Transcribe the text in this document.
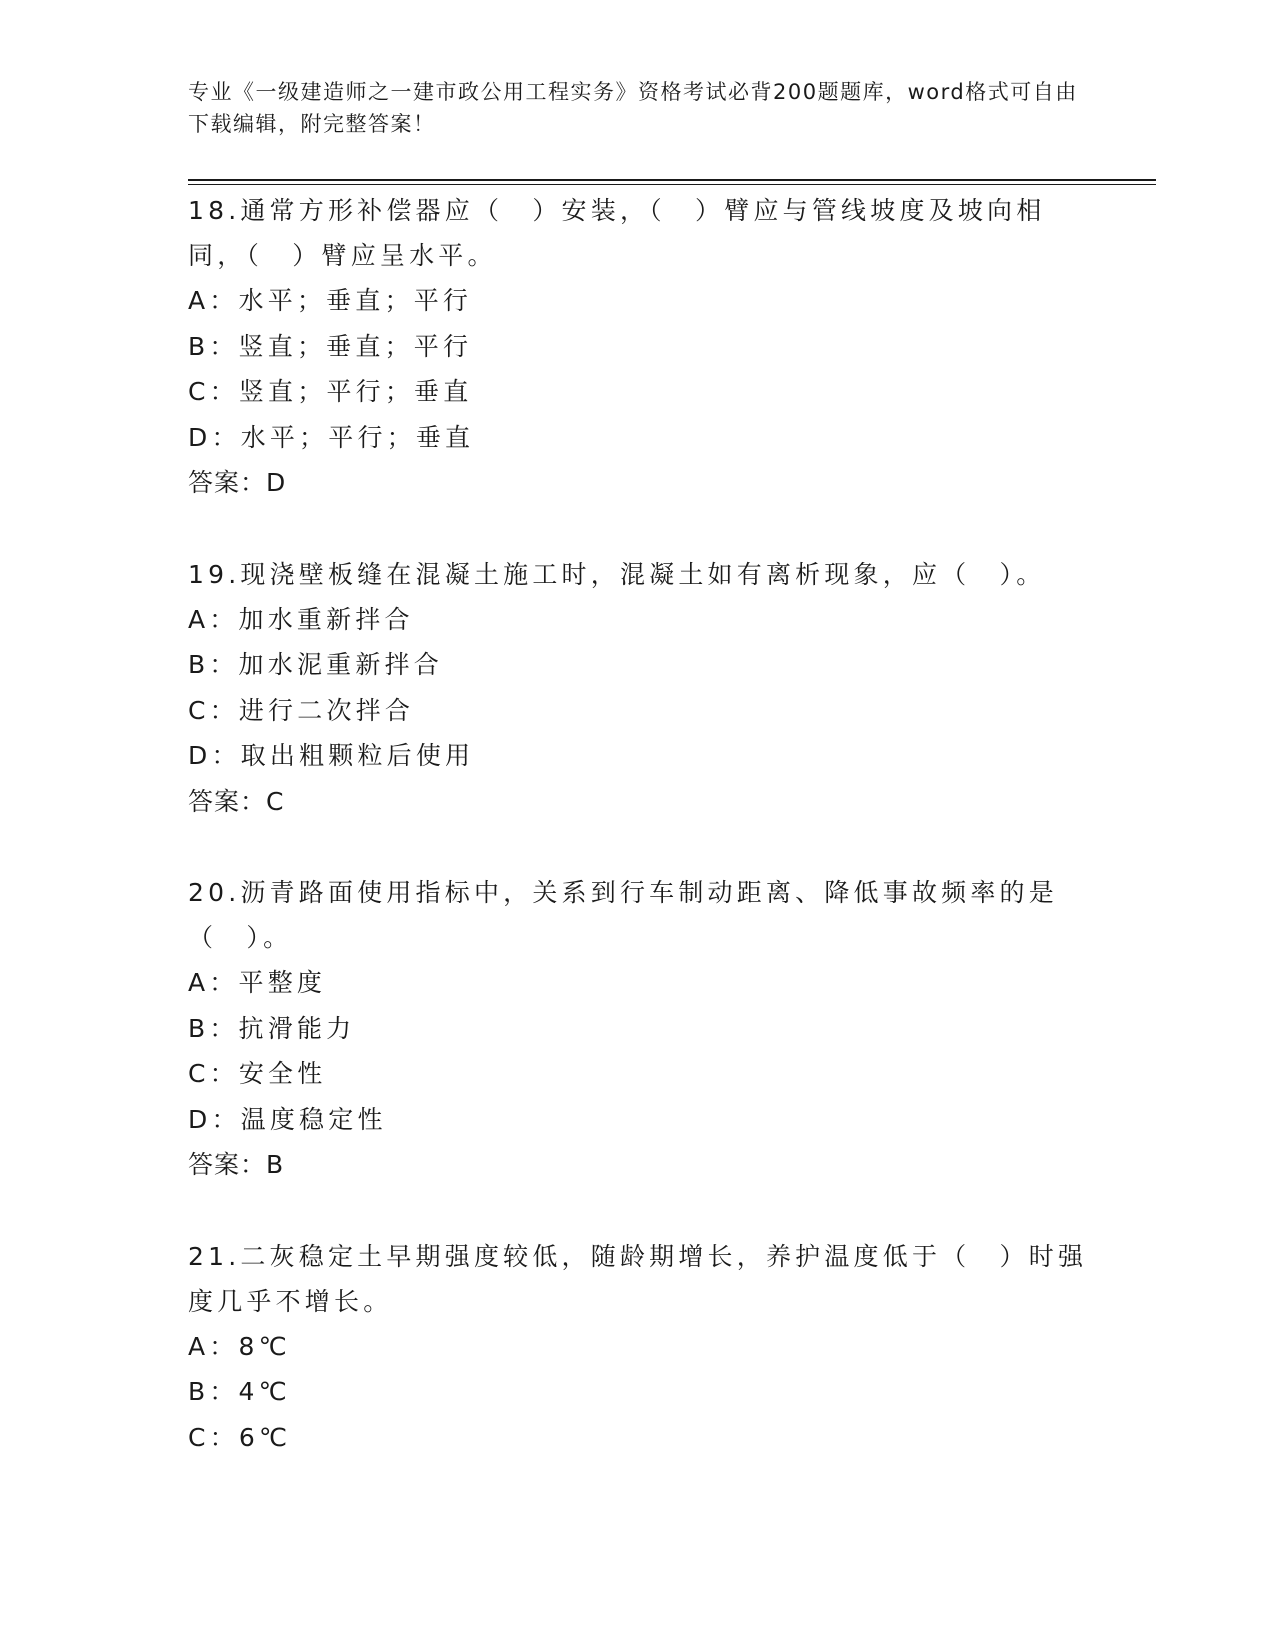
专业《一级建造师之一建市政公用工程实务》资格考试必背200题题库，word格式可自由下载编辑，附完整答案！
18.通常方形补偿器应（　）安装，（　）臂应与管线坡度及坡向相同，（　）臂应呈水平。
A：水平；垂直；平行
B：竖直；垂直；平行
C：竖直；平行；垂直
D：水平；平行；垂直
答案：D
19.现浇壁板缝在混凝土施工时，混凝土如有离析现象，应（　）。
A：加水重新拌合
B：加水泥重新拌合
C：进行二次拌合
D：取出粗颗粒后使用
答案：C
20.沥青路面使用指标中，关系到行车制动距离、降低事故频率的是（　）。
A：平整度
B：抗滑能力
C：安全性
D：温度稳定性
答案：B
21.二灰稳定土早期强度较低，随龄期增长，养护温度低于（　）时强度几乎不增长。
A：8℃
B：4℃
C：6℃
